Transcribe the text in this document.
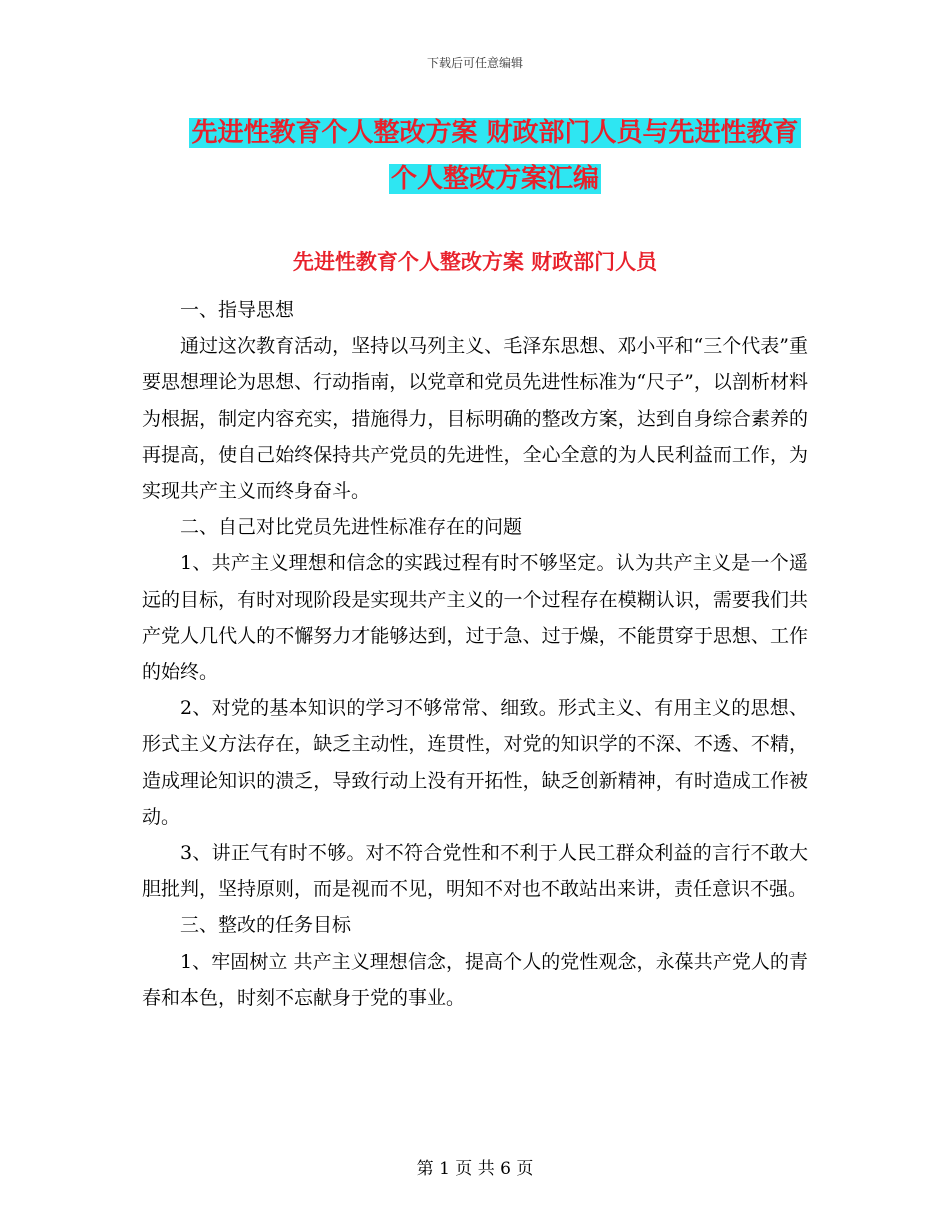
下载后可任意编辑
先进性教育个人整改方案 财政部门人员与先进性教育
个人整改方案汇编
先进性教育个人整改方案 财政部门人员

一、指导思想

通过这次教育活动，坚持以马列主义、毛泽东思想、邓小平和“三个代表”重要思想理论为思想、行动指南，以党章和党员先进性标准为“尺子”，以剖析材料为根据，制定内容充实，措施得力，目标明确的整改方案，达到自身综合素养的再提高，使自己始终保持共产党员的先进性，全心全意的为人民利益而工作，为实现共产主义而终身奋斗。

二、自己对比党员先进性标准存在的问题

1、共产主义理想和信念的实践过程有时不够坚定。认为共产主义是一个遥远的目标，有时对现阶段是实现共产主义的一个过程存在模糊认识，需要我们共产党人几代人的不懈努力才能够达到，过于急、过于燥，不能贯穿于思想、工作的始终。

2、对党的基本知识的学习不够常常、细致。形式主义、有用主义的思想、形式主义方法存在，缺乏主动性，连贯性，对党的知识学的不深、不透、不精，造成理论知识的溃乏，导致行动上没有开拓性，缺乏创新精神，有时造成工作被动。

3、讲正气有时不够。对不符合党性和不利于人民工群众利益的言行不敢大胆批判，坚持原则，而是视而不见，明知不对也不敢站出来讲，责任意识不强。

三、整改的任务目标

1、牢固树立 共产主义理想信念，提高个人的党性观念，永葆共产党人的青春和本色，时刻不忘献身于党的事业。

第 1 页 共 6 页
